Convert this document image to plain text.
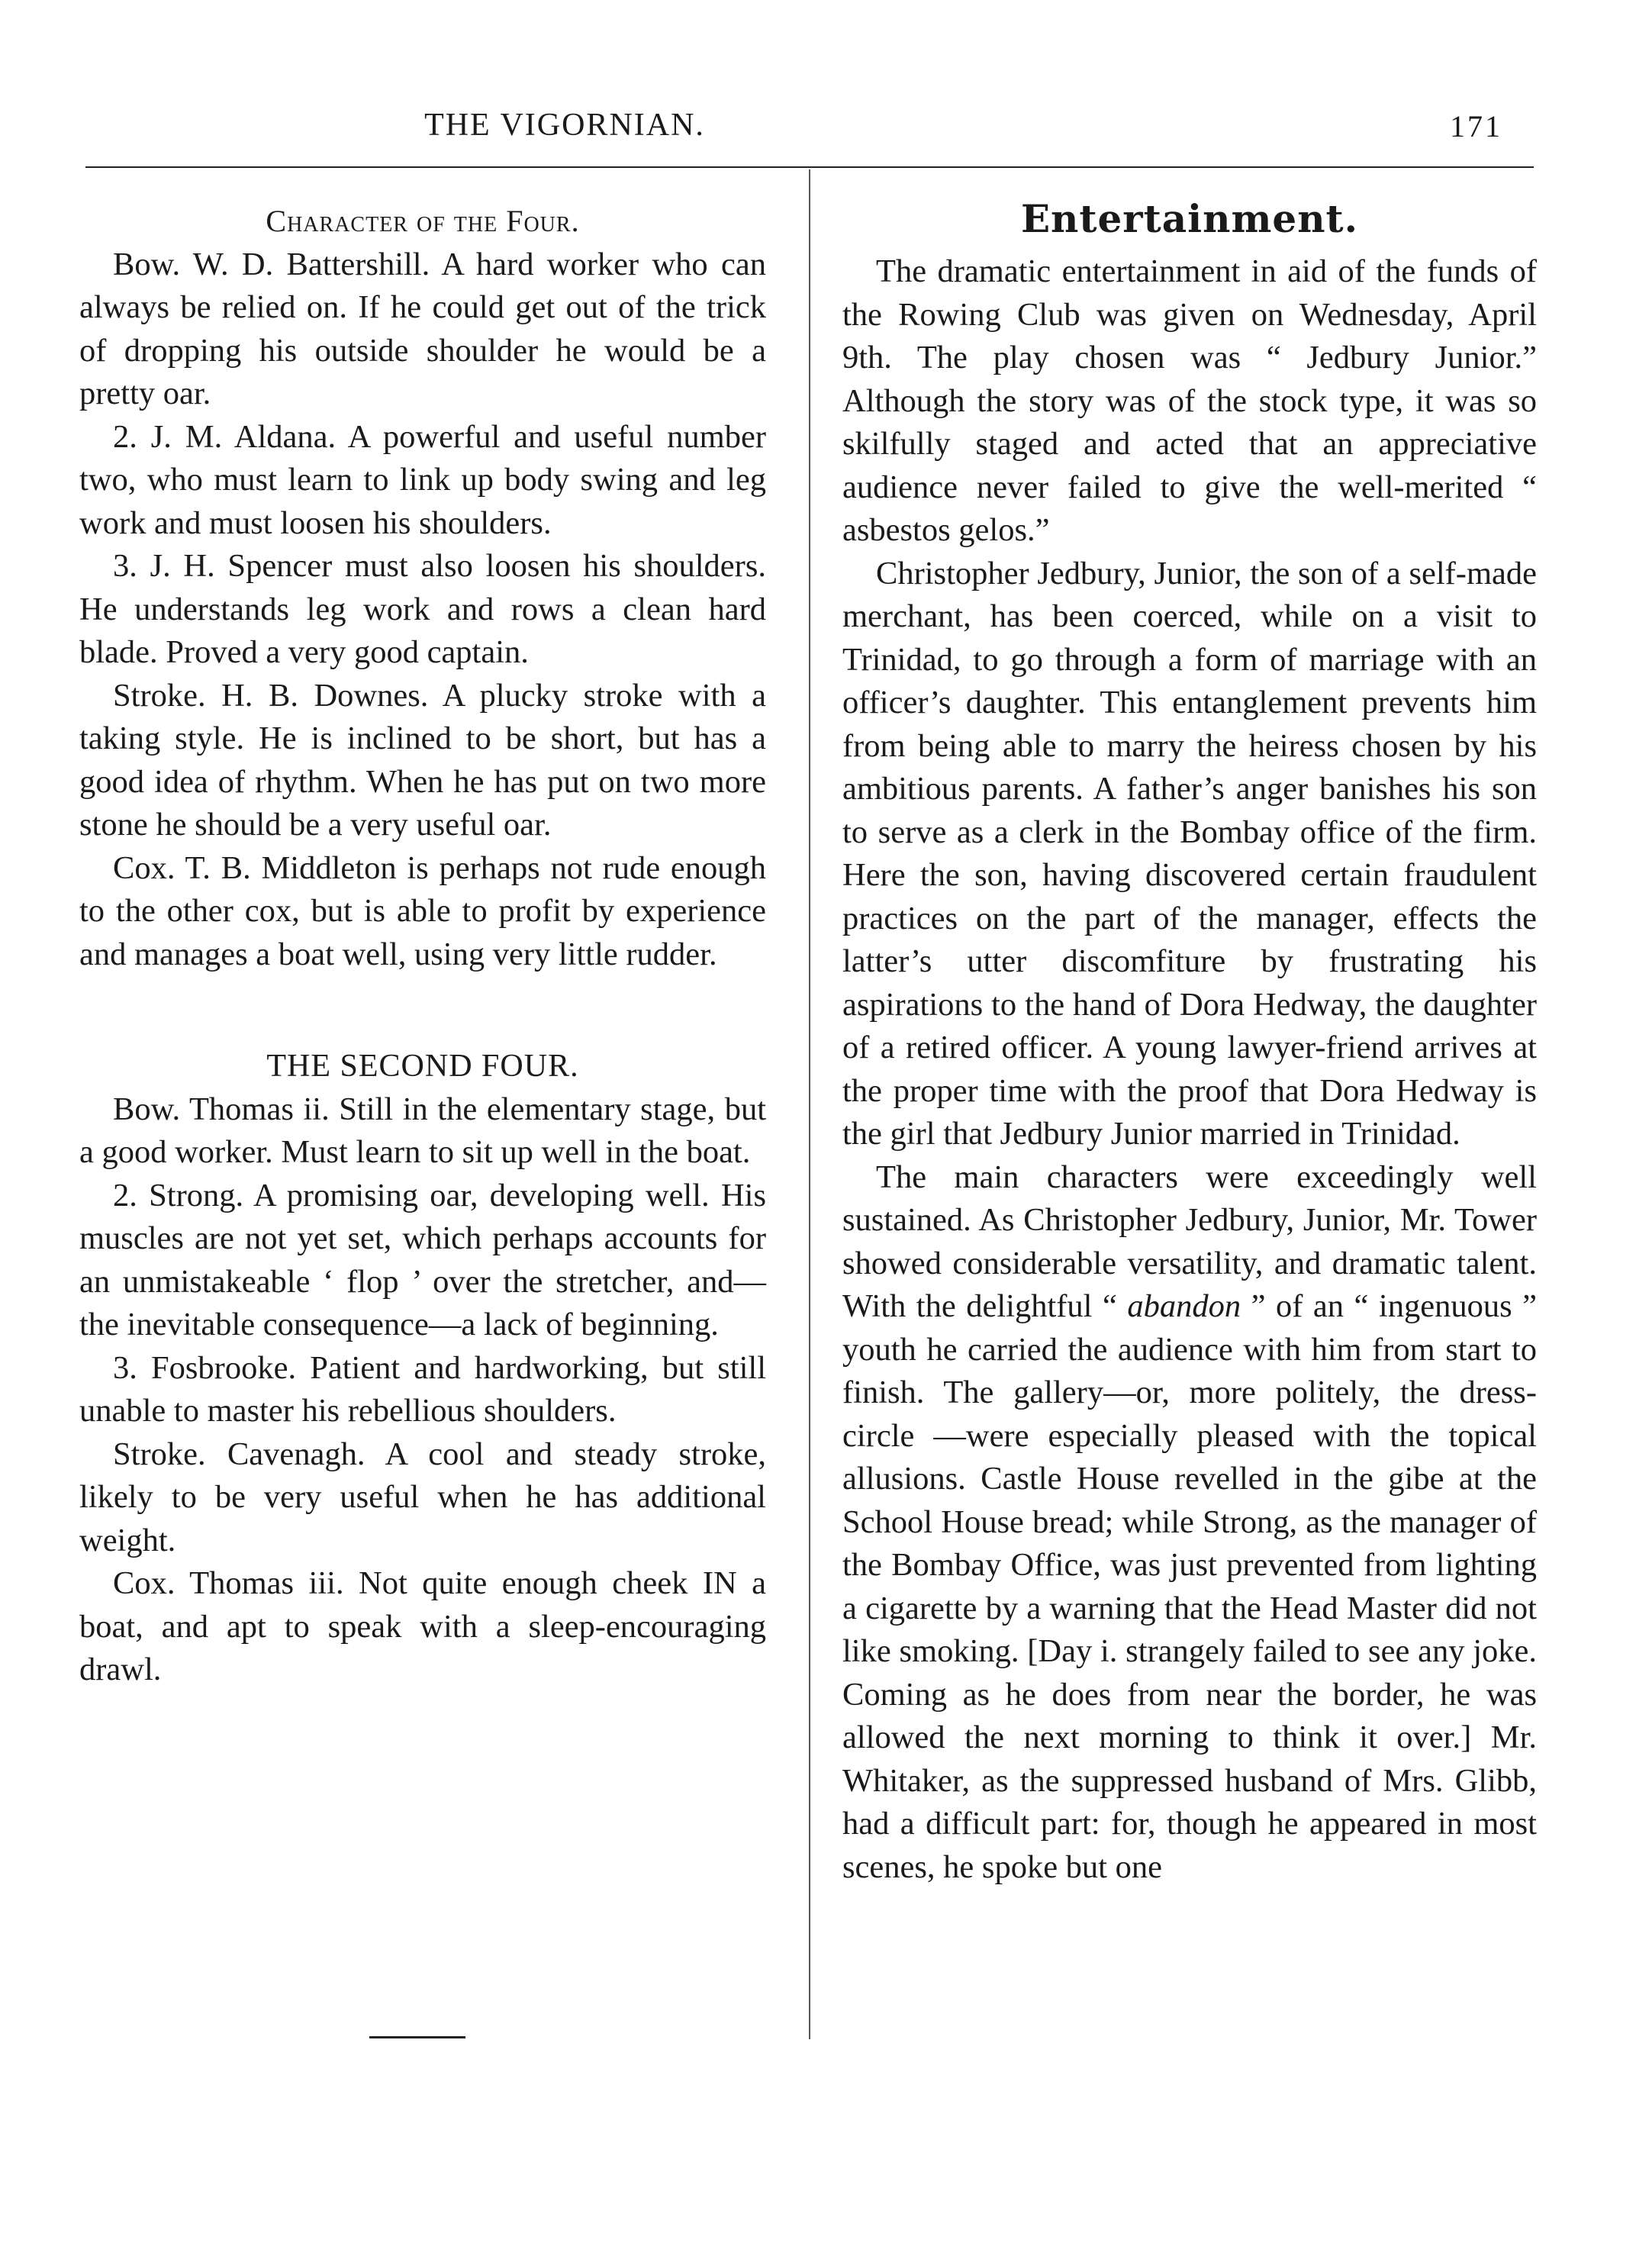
THE VIGORNIAN.	171
Character of the Four.

Bow. W. D. Battershill. A hard worker who can always be relied on. If he could get out of the trick of dropping his outside shoulder he would be a pretty oar.

2. J. M. Aldana. A powerful and useful number two, who must learn to link up body swing and leg work and must loosen his shoulders.

3. J. H. Spencer must also loosen his shoulders. He understands leg work and rows a clean hard blade. Proved a very good captain.

Stroke. H. B. Downes. A plucky stroke with a taking style. He is inclined to be short, but has a good idea of rhythm. When he has put on two more stone he should be a very useful oar.

Cox. T. B. Middleton is perhaps not rude enough to the other cox, but is able to profit by experience and manages a boat well, using very little rudder.

THE SECOND FOUR.

Bow. Thomas ii. Still in the elementary stage, but a good worker. Must learn to sit up well in the boat.

2. Strong. A promising oar, developing well. His muscles are not yet set, which perhaps accounts for an unmistakeable ‘ flop ’ over the stretcher, and—the inevitable consequence—a lack of beginning.

3. Fosbrooke. Patient and hardworking, but still unable to master his rebellious shoulders.

Stroke. Cavenagh. A cool and steady stroke, likely to be very useful when he has additional weight.

Cox. Thomas iii. Not quite enough cheek IN a boat, and apt to speak with a sleep-encouraging drawl.

Entertainment.

The dramatic entertainment in aid of the funds of the Rowing Club was given on Wednesday, April 9th. The play chosen was “ Jedbury Junior.” Although the story was of the stock type, it was so skilfully staged and acted that an appreciative audience never failed to give the well-merited “ asbestos gelos.”

Christopher Jedbury, Junior, the son of a self-made merchant, has been coerced, while on a visit to Trinidad, to go through a form of marriage with an officer’s daughter. This entanglement prevents him from being able to marry the heiress chosen by his ambitious parents. A father’s anger banishes his son to serve as a clerk in the Bombay office of the firm. Here the son, having discovered certain fraudulent practices on the part of the manager, effects the latter’s utter discomfiture by frustrating his aspirations to the hand of Dora Hedway, the daughter of a retired officer. A young lawyer-friend arrives at the proper time with the proof that Dora Hedway is the girl that Jedbury Junior married in Trinidad.

The main characters were exceedingly well sustained. As Christopher Jedbury, Junior, Mr. Tower showed considerable versatility, and dramatic talent. With the delightful “ abandon ” of an “ ingenuous ” youth he carried the audience with him from start to finish. The gallery—or, more politely, the dress-circle —were especially pleased with the topical allusions. Castle House revelled in the gibe at the School House bread; while Strong, as the manager of the Bombay Office, was just prevented from lighting a cigarette by a warning that the Head Master did not like smoking. [Day i. strangely failed to see any joke. Coming as he does from near the border, he was allowed the next morning to think it over.] Mr. Whitaker, as the suppressed husband of Mrs. Glibb, had a difficult part: for, though he appeared in most scenes, he spoke but one
